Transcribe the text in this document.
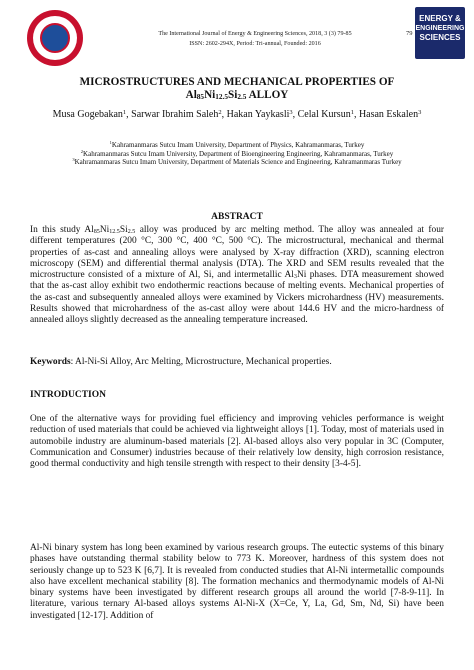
The International Journal of Energy & Engineering Sciences, 2018, 3 (3) 79-85
ISSN: 2602-294X, Period: Tri-annual, Founded: 2016
79
ENERGY &
ENGINEERING
SCIENCES
MICROSTRUCTURES AND MECHANICAL PROPERTIES OF
$Al_{85}Ni_{12.5}Si_{2.5}$ ALLOY
Musa Gogebakan$^1$, Sarwar Ibrahim Saleh$^2$, Hakan Yaykasli$^3$, Celal Kursun$^1$, Hasan Eskalen$^3$

$^1$Kahramanmaras Sutcu Imam University, Department of Physics, Kahramanmaras, Turkey

$^2$Kahramanmaras Sutcu Imam University, Department of Bioengineering Engineering, Kahramanmaras, Turkey

$^3$Kahramanmaras Sutcu Imam University, Department of Materials Science and Engineering, Kahramanmaras Turkey

ABSTRACT
In this study $Al_{85}Ni_{12.5}Si_{2.5}$ alloy was produced by arc melting method. The alloy was annealed at four different temperatures (200 °C, 300 °C, 400 °C, 500 °C). The microstructural, mechanical and thermal properties of as-cast and annealing alloys were analysed by X-ray diffraction (XRD), scanning electron microscopy (SEM) and differential thermal analysis (DTA). The XRD and SEM results revealed that the microstructure consisted of a mixture of Al, Si, and intermetallic $Al_3Ni$ phases. DTA measurement showed that the as-cast alloy exhibit two endothermic reactions because of melting events. Mechanical properties of the as-cast and subsequently annealed alloys were examined by Vickers microhardness (HV) measurements. Results showed that microhardness of the as-cast alloy were about 144.6 HV and the micro-hardness of annealed alloys slightly decreased as the annealing temperature increased.
Keywords: Al-Ni-Si Alloy, Arc Melting, Microstructure, Mechanical properties.
INTRODUCTION
One of the alternative ways for providing fuel efficiency and improving vehicles performance is weight reduction of used materials that could be achieved via lightweight alloys [1]. Today, most of materials used in automobile industry are aluminum-based materials [2]. Al-based alloys also very popular in 3C (Computer, Communication and Consumer) industries because of their relatively low density, high corrosion resistance, good thermal conductivity and high tensile strength with respect to their density [3-4-5].
Al-Ni binary system has long been examined by various research groups. The eutectic systems of this binary phases have outstanding thermal stability below to 773 K. Moreover, hardness of this system does not seriously change up to 523 K [6,7]. It is revealed from conducted studies that Al-Ni intermetallic compounds also have excellent mechanical stability [8]. The formation mechanics and thermodynamic models of Al-Ni binary systems have been investigated by different research groups all around the world [7-8-9-11]. In literature, various ternary Al-based alloys systems Al-Ni-X (X=Ce, Y, La, Gd, Sm, Nd, Si) have been investigated [12-17]. Addition of
